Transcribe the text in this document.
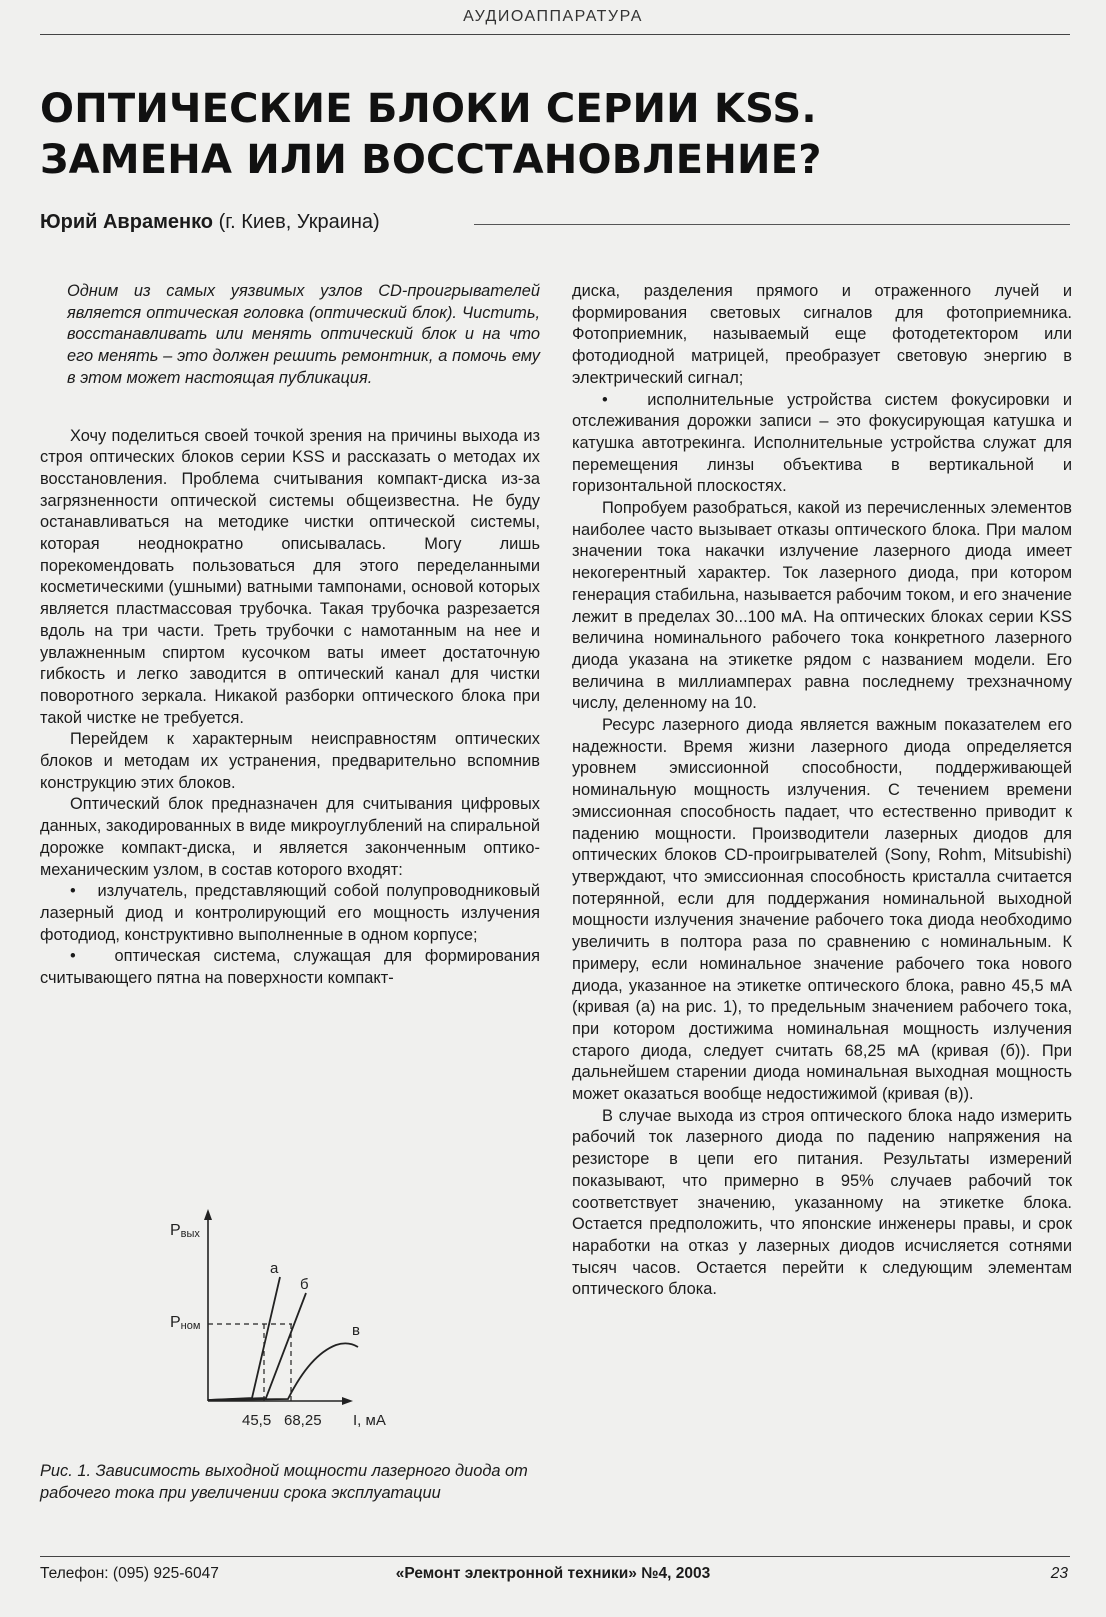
АУДИОАППАРАТУРА
ОПТИЧЕСКИЕ БЛОКИ СЕРИИ KSS.
ЗАМЕНА ИЛИ ВОССТАНОВЛЕНИЕ?
Юрий Авраменко (г. Киев, Украина)

Одним из самых уязвимых узлов CD-проигрывателей является оптическая головка (оптический блок). Чистить, восстанавливать или менять оптический блок и на что его менять – это должен решить ремонтник, а помочь ему в этом может настоящая публикация.

Хочу поделиться своей точкой зрения на причины выхода из строя оптических блоков серии KSS и рассказать о методах их восстановления. Проблема считывания компакт-диска из-за загрязненности оптической системы общеизвестна. Не буду останавливаться на методике чистки оптической системы, которая неоднократно описывалась. Могу лишь порекомендовать пользоваться для этого переделанными косметическими (ушными) ватными тампонами, основой которых является пластмассовая трубочка. Такая трубочка разрезается вдоль на три части. Треть трубочки с намотанным на нее и увлажненным спиртом кусочком ваты имеет достаточную гибкость и легко заводится в оптический канал для чистки поворотного зеркала. Никакой разборки оптического блока при такой чистке не требуется.

Перейдем к характерным неисправностям оптических блоков и методам их устранения, предварительно вспомнив конструкцию этих блоков.

Оптический блок предназначен для считывания цифровых данных, закодированных в виде микроуглублений на спиральной дорожке компакт-диска, и является законченным оптико-механическим узлом, в состав которого входят:

•   излучатель, представляющий собой полупроводниковый лазерный диод и контролирующий его мощность излучения фотодиод, конструктивно выполненные в одном корпусе;

•   оптическая система, служащая для формирования считывающего пятна на поверхности компакт-

диска, разделения прямого и отраженного лучей и формирования световых сигналов для фотоприемника. Фотоприемник, называемый еще фотодетектором или фотодиодной матрицей, преобразует световую энергию в электрический сигнал;

•   исполнительные устройства систем фокусировки и отслеживания дорожки записи – это фокусирующая катушка и катушка автотрекинга. Исполнительные устройства служат для перемещения линзы объектива в вертикальной и горизонтальной плоскостях.

Попробуем разобраться, какой из перечисленных элементов наиболее часто вызывает отказы оптического блока. При малом значении тока накачки излучение лазерного диода имеет некогерентный характер. Ток лазерного диода, при котором генерация стабильна, называется рабочим током, и его значение лежит в пределах 30...100 мА. На оптических блоках серии KSS величина номинального рабочего тока конкретного лазерного диода указана на этикетке рядом с названием модели. Его величина в миллиамперах равна последнему трехзначному числу, деленному на 10.

Ресурс лазерного диода является важным показателем его надежности. Время жизни лазерного диода определяется уровнем эмиссионной способности, поддерживающей номинальную мощность излучения. С течением времени эмиссионная способность падает, что естественно приводит к падению мощности. Производители лазерных диодов для оптических блоков CD-проигрывателей (Sony, Rohm, Mitsubishi) утверждают, что эмиссионная способность кристалла считается потерянной, если для поддержания номинальной выходной мощности излучения значение рабочего тока диода необходимо увеличить в полтора раза по сравнению с номинальным. К примеру, если номинальное значение рабочего тока нового диода, указанное на этикетке оптического блока, равно 45,5 мА (кривая (а) на рис. 1), то предельным значением рабочего тока, при котором достижима номинальная мощность излучения старого диода, следует считать 68,25 мА (кривая (б)). При дальнейшем старении диода номинальная выходная мощность может оказаться вообще недостижимой (кривая (в)).

В случае выхода из строя оптического блока надо измерить рабочий ток лазерного диода по падению напряжения на резисторе в цепи его питания. Результаты измерений показывают, что примерно в 95% случаев рабочий ток соответствует значению, указанному на этикетке блока. Остается предположить, что японские инженеры правы, и срок наработки на отказ у лазерных диодов исчисляется сотнями тысяч часов. Остается перейти к следующим элементам оптического блока.

Pвых
Pном
а
б
в
45,5 68,25 I, мА
Рис. 1. Зависимость выходной мощности лазерного диода от рабочего тока при увеличении срока эксплуатации
Телефон: (095) 925-6047	«Ремонт электронной техники» №4, 2003	23
